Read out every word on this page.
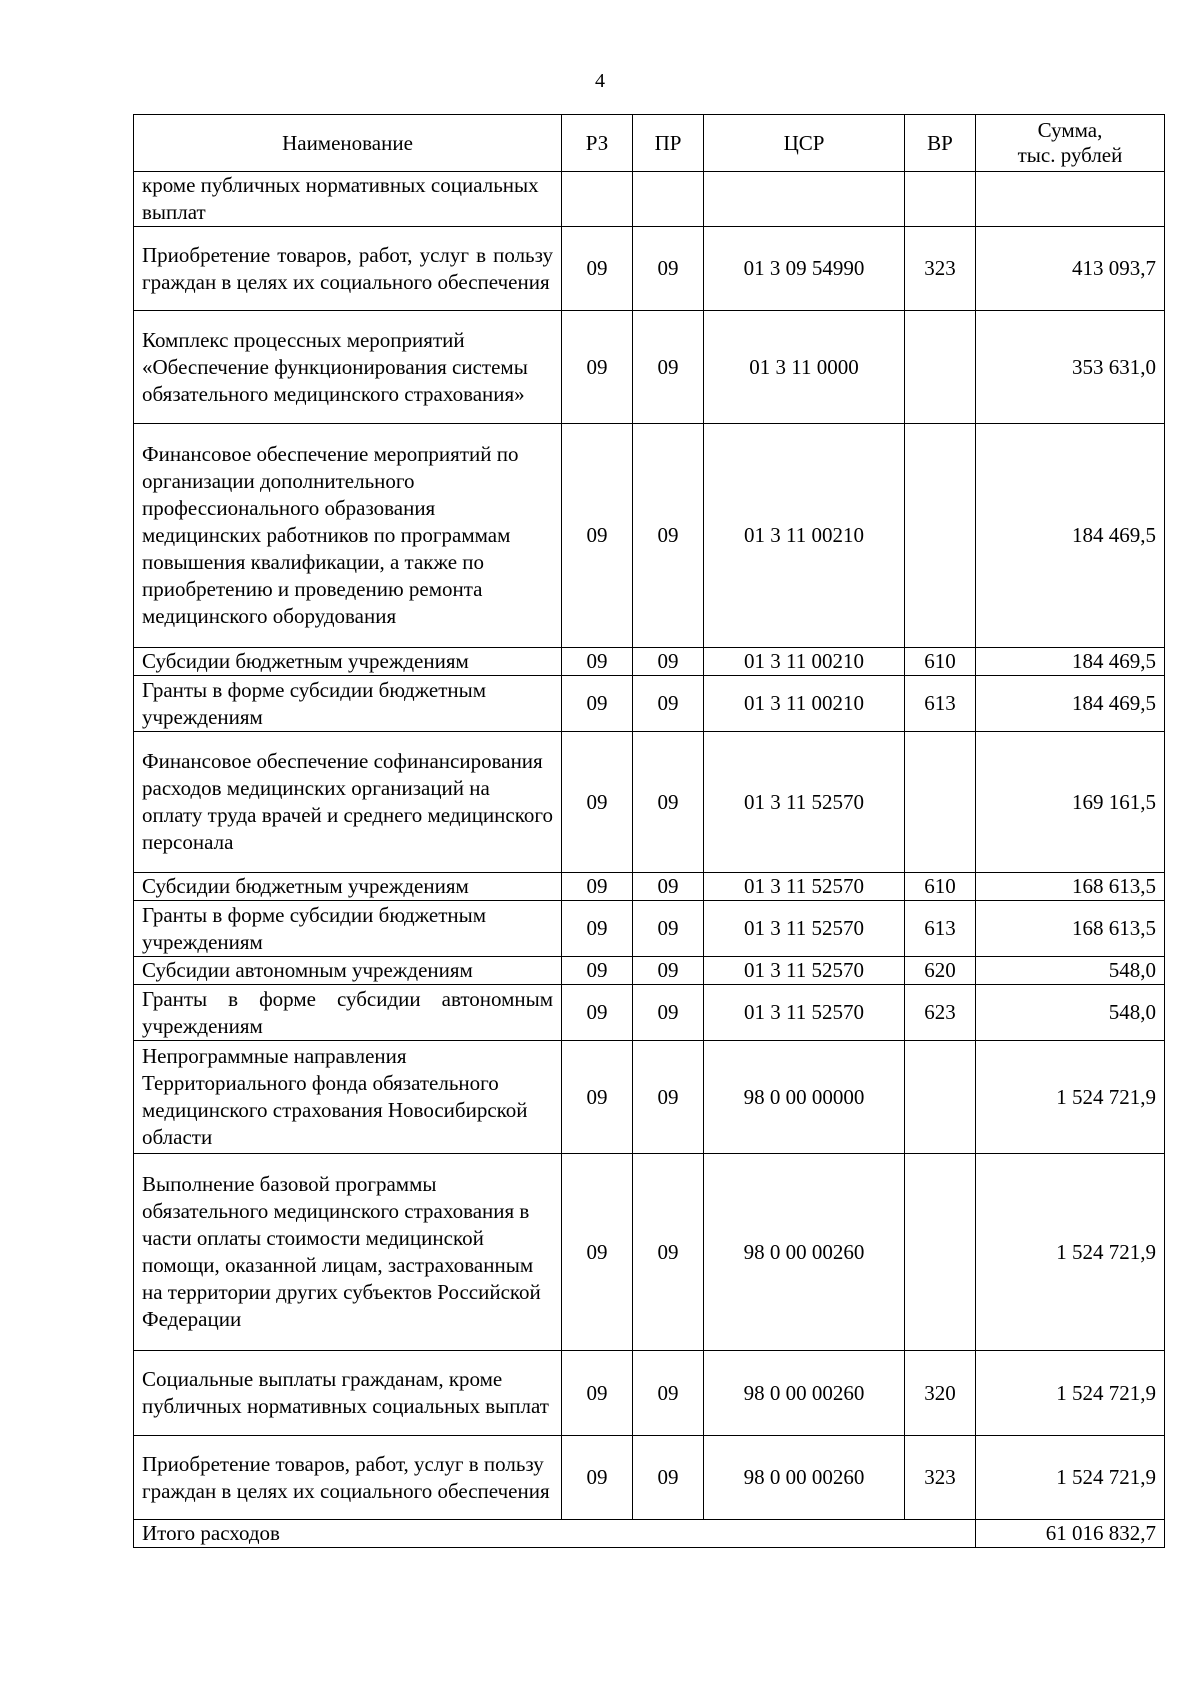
4
Наименование	РЗ	ПР	ЦСР	ВР	Сумма,
тыс. рублей
кроме публичных нормативных социальных выплат					
Приобретение товаров, работ, услуг в пользу граждан в целях их социального обеспечения	09	09	01 3 09 54990	323	413 093,7
Комплекс процессных мероприятий «Обеспечение функционирования системы обязательного медицинского страхования»	09	09	01 3 11 0000		353 631,0
Финансовое обеспечение мероприятий по организации дополнительного профессионального образования медицинских работников по программам повышения квалификации, а также по приобретению и проведению ремонта медицинского оборудования	09	09	01 3 11 00210		184 469,5
Субсидии бюджетным учреждениям	09	09	01 3 11 00210	610	184 469,5
Гранты в форме субсидии бюджетным учреждениям	09	09	01 3 11 00210	613	184 469,5
Финансовое обеспечение софинансирования расходов медицинских организаций на оплату труда врачей и среднего медицинского персонала	09	09	01 3 11 52570		169 161,5
Субсидии бюджетным учреждениям	09	09	01 3 11 52570	610	168 613,5
Гранты в форме субсидии бюджетным учреждениям	09	09	01 3 11 52570	613	168 613,5
Субсидии автономным учреждениям	09	09	01 3 11 52570	620	548,0
Гранты в форме субсидии автономным учреждениям	09	09	01 3 11 52570	623	548,0
Непрограммные направления Территориального фонда обязательного медицинского страхования Новосибирской области	09	09	98 0 00 00000		1 524 721,9
Выполнение базовой программы обязательного медицинского страхования в части оплаты стоимости медицинской помощи, оказанной лицам, застрахованным на территории других субъектов Российской Федерации	09	09	98 0 00 00260		1 524 721,9
Социальные выплаты гражданам, кроме публичных нормативных социальных выплат	09	09	98 0 00 00260	320	1 524 721,9
Приобретение товаров, работ, услуг в пользу граждан в целях их социального обеспечения	09	09	98 0 00 00260	323	1 524 721,9
Итого расходов					61 016 832,7
